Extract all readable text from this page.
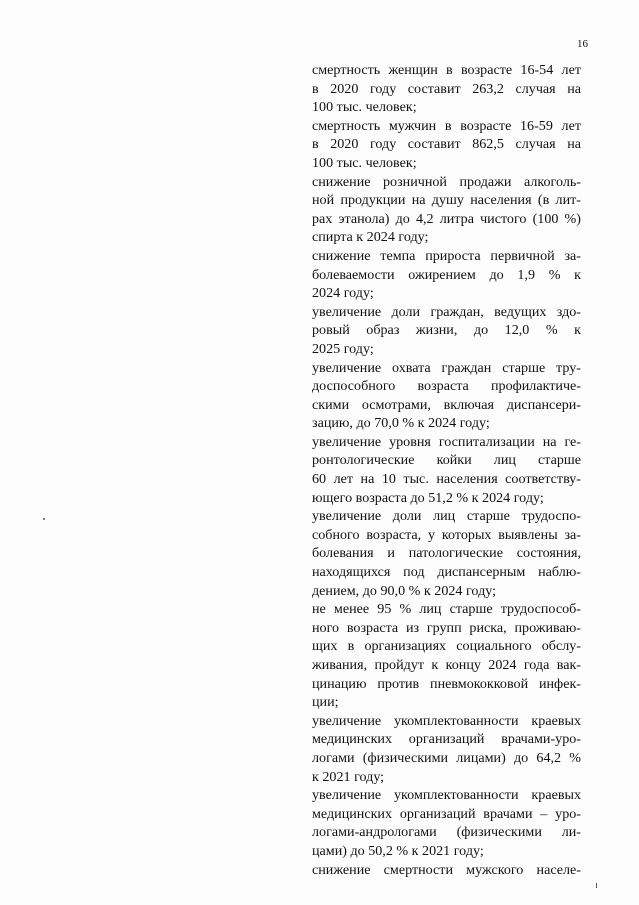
16
смертность женщин в возрасте 16-54 лет
в 2020 году составит 263,2 случая на
100 тыс. человек;
смертность мужчин в возрасте 16-59 лет
в 2020 году составит 862,5 случая на
100 тыс. человек;
снижение розничной продажи алкоголь-
ной продукции на душу населения (в лит-
рах этанола) до 4,2 литра чистого (100 %)
спирта к 2024 году;
снижение темпа прироста первичной за-
болеваемости ожирением до 1,9 % к
2024 году;
увеличение доли граждан, ведущих здо-
ровый образ жизни, до 12,0 % к
2025 году;
увеличение охвата граждан старше тру-
доспособного возраста профилактиче-
скими осмотрами, включая диспансери-
зацию, до 70,0 % к 2024 году;
увеличение уровня госпитализации на ге-
ронтологические койки лиц старше
60 лет на 10 тыс. населения соответству-
ющего возраста до 51,2 % к 2024 году;
увеличение доли лиц старше трудоспо-
собного возраста, у которых выявлены за-
болевания и патологические состояния,
находящихся под диспансерным наблю-
дением, до 90,0 % к 2024 году;
не менее 95 % лиц старше трудоспособ-
ного возраста из групп риска, проживаю-
щих в организациях социального обслу-
живания, пройдут к концу 2024 года вак-
цинацию против пневмококковой инфек-
ции;
увеличение укомплектованности краевых
медицинских организаций врачами-уро-
логами (физическими лицами) до 64,2 %
к 2021 году;
увеличение укомплектованности краевых
медицинских организаций врачами – уро-
логами-андрологами (физическими ли-
цами) до 50,2 % к 2021 году;
снижение смертности мужского населе-
